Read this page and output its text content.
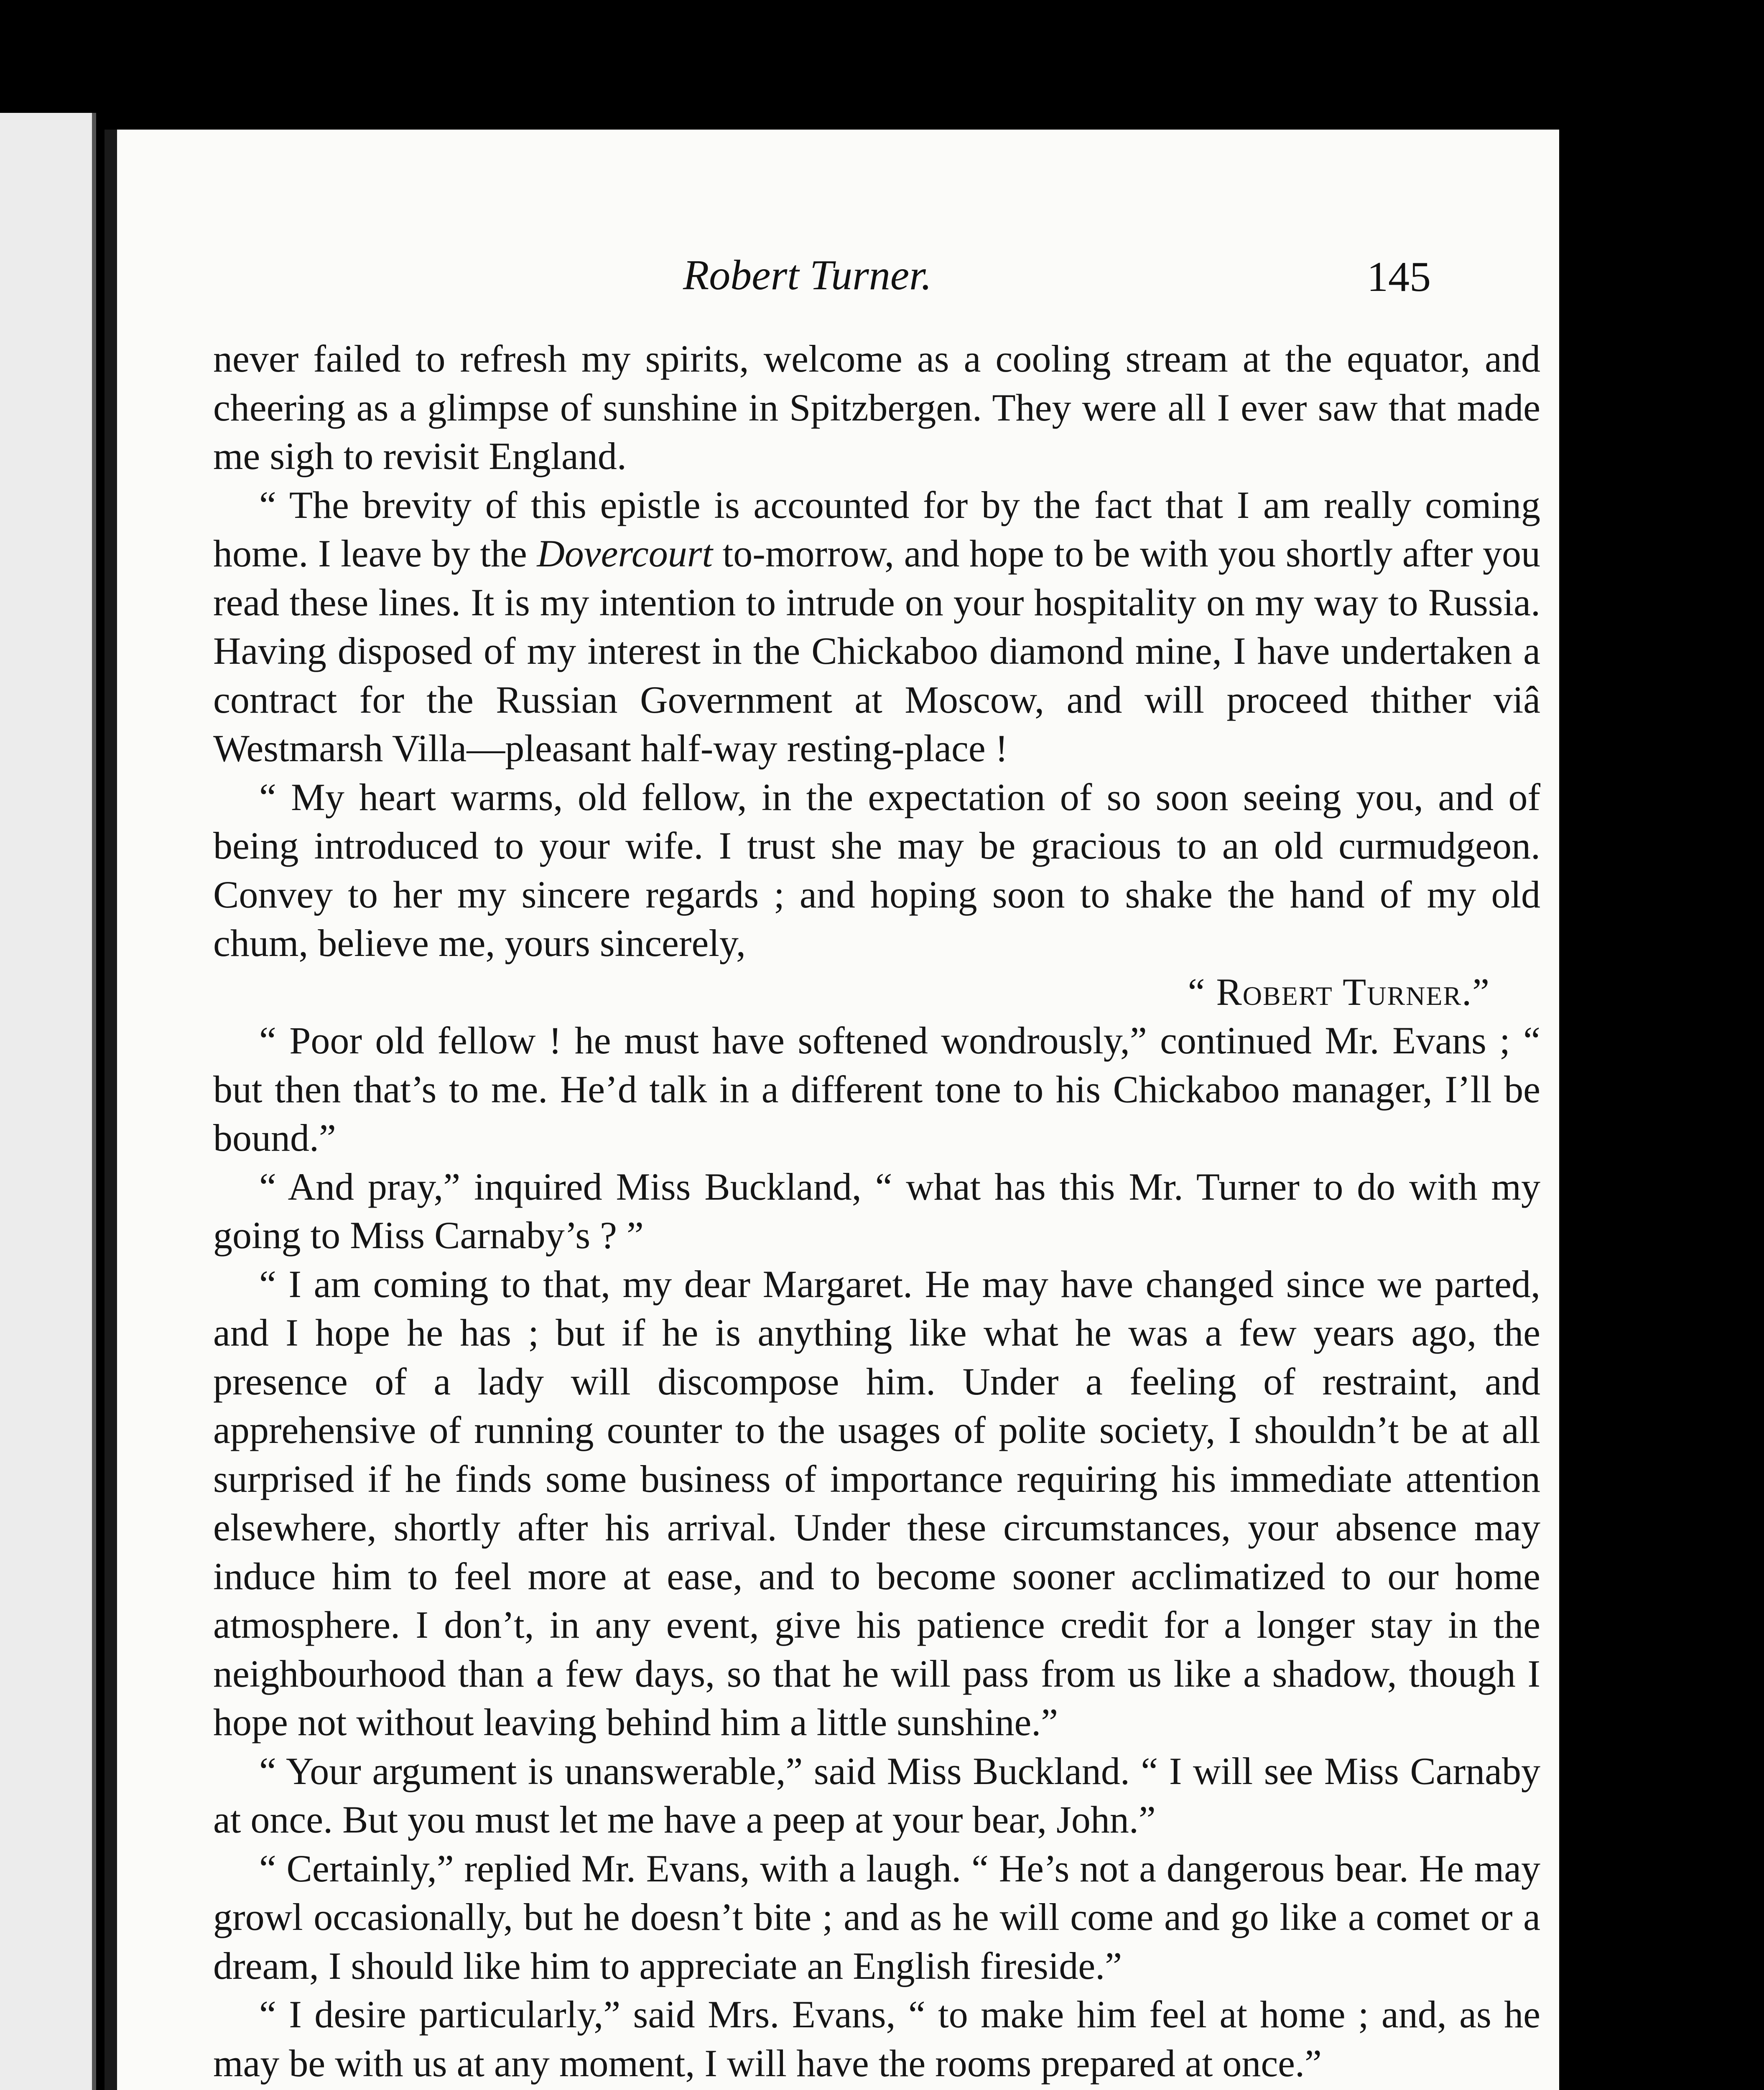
Robert Turner.	145

never failed to refresh my spirits, welcome as a cooling stream at the equator, and cheering as a glimpse of sunshine in Spitzbergen. They were all I ever saw that made me sigh to revisit England.

“ The brevity of this epistle is accounted for by the fact that I am really coming home. I leave by the Dovercourt to-morrow, and hope to be with you shortly after you read these lines. It is my intention to intrude on your hospitality on my way to Russia. Having disposed of my interest in the Chickaboo diamond mine, I have undertaken a contract for the Russian Government at Moscow, and will proceed thither viâ Westmarsh Villa—pleasant half-way resting-place !

“ My heart warms, old fellow, in the expectation of so soon seeing you, and of being introduced to your wife. I trust she may be gracious to an old curmudgeon. Convey to her my sincere regards ; and hoping soon to shake the hand of my old chum, believe me, yours sincerely,

“ Robert Turner.”

“ Poor old fellow ! he must have softened wondrously,” continued Mr. Evans ; “ but then that’s to me. He’d talk in a different tone to his Chickaboo manager, I’ll be bound.”

“ And pray,” inquired Miss Buckland, “ what has this Mr. Turner to do with my going to Miss Carnaby’s ? ”

“ I am coming to that, my dear Margaret. He may have changed since we parted, and I hope he has ; but if he is anything like what he was a few years ago, the presence of a lady will discompose him. Under a feeling of restraint, and apprehensive of running counter to the usages of polite society, I shouldn’t be at all surprised if he finds some business of importance requiring his immediate attention elsewhere, shortly after his arrival. Under these circumstances, your absence may induce him to feel more at ease, and to become sooner acclimatized to our home atmosphere. I don’t, in any event, give his patience credit for a longer stay in the neighbourhood than a few days, so that he will pass from us like a shadow, though I hope not without leaving behind him a little sunshine.”

“ Your argument is unanswerable,” said Miss Buckland. “ I will see Miss Carnaby at once. But you must let me have a peep at your bear, John.”

“ Certainly,” replied Mr. Evans, with a laugh. “ He’s not a dangerous bear. He may growl occasionally, but he doesn’t bite ; and as he will come and go like a comet or a dream, I should like him to appreciate an English fireside.”

“ I desire particularly,” said Mrs. Evans, “ to make him feel at home ; and, as he may be with us at any moment, I will have the rooms prepared at once.”
